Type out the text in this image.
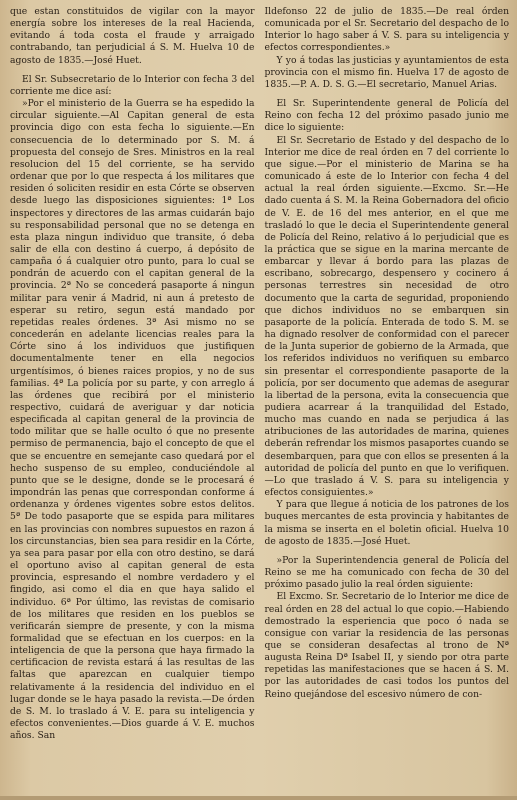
que estan constituidos de vigilar con la mayor energía sobre los intereses de la real Hacienda, evitando á toda costa el fraude y arraigado contrabando, tan perjudicial á S. M. Huelva 10 de agosto de 1835.—José Huet.

El Sr. Subsecretario de lo Interior con fecha 3 del corriente me dice así:

»Por el ministerio de la Guerra se ha espedido la circular siguiente.—Al Capitan general de esta provincia digo con esta fecha lo siguiente.—En consecuencia de lo determinado por S. M. á propuesta del consejo de Sres. Ministros en la real resolucion del 15 del corriente, se ha servido ordenar que por lo que respecta á los militares que residen ó soliciten residir en esta Córte se observen desde luego las disposiciones siguientes: 1ª Los inspectores y directores de las armas cuidarán bajo su responsabilidad personal que no se detenga en esta plaza ningun individuo que transite, ó deba salir de ella con destino á cuerpo, á depósito de campaña ó á cualquier otro punto, para lo cual se pondrán de acuerdo con el capitan general de la provincia. 2ª No se concederá pasaporte á ningun militar para venir á Madrid, ni aun á pretesto de esperar su retiro, segun está mandado por repetidas reales órdenes. 3ª Asi mismo no se concederán en adelante licencias reales para la Córte sino á los individuos que justifiquen documentalmente tener en ella negocios urgentísimos, ó bienes raices propios, y no de sus familias. 4ª La policía por su parte, y con arreglo á las órdenes que recibirá por el ministerio respectivo, cuidará de averiguar y dar noticia especificada al capitan general de la provincia de todo militar que se halle oculto ó que no presente permiso de permanencia, bajo el concepto de que el que se encuentre en semejante caso quedará por el hecho suspenso de su empleo, conduciéndole al punto que se le designe, donde se le procesará é impondrán las penas que correspondan conforme á ordenanza y órdenes vigentes sobre estos delitos. 5ª De todo pasaporte que se espida para militares en las provincias con nombres supuestos en razon á los circunstancias, bien sea para residir en la Córte, ya sea para pasar por ella con otro destino, se dará el oportuno aviso al capitan general de esta provincia, espresando el nombre verdadero y el fingido, asi como el dia en que haya salido el individuo. 6ª Por último, las revistas de comisario de los militares que residen en los pueblos se verificarán siempre de presente, y con la misma formalidad que se efectuan en los cuerpos: en la inteligencia de que la persona que haya firmado la certificacion de revista estará á las resultas de las faltas que aparezcan en cualquier tiempo relativamente á la residencia del individuo en el lugar donde se le haya pasado la revista.—De órden de S. M. lo traslado á V. E. para su inteligencia y efectos convenientes.—Dios guarde á V. E. muchos años. San

Ildefonso 22 de julio de 1835.—De real órden comunicada por el Sr. Secretario del despacho de lo Interior lo hago saber á V. S. para su inteligencia y efectos correspondientes.»

Y yo á todas las justicias y ayuntamientos de esta provincia con el mismo fin. Huelva 17 de agosto de 1835.—P. A. D. S. G.—El secretario, Manuel Arias.

El Sr. Superintendente general de Policía del Reino con fecha 12 del próximo pasado junio me dice lo siguiente:

El Sr. Secretario de Estado y del despacho de lo Interior me dice de real órden en 7 del corriente lo que sigue.—Por el ministerio de Marina se ha comunicado á este de lo Interior con fecha 4 del actual la real órden siguiente.—Excmo. Sr.—He dado cuenta á S. M. la Reina Gobernadora del oficio de V. E. de 16 del mes anterior, en el que me trasladó lo que le decia el Superintendente general de Policía del Reino, relativo á lo perjudicial que es la práctica que se sigue en la marina mercante de embarcar y llevar á bordo para las plazas de escribano, sobrecargo, despensero y cocinero á personas terrestres sin necesidad de otro documento que la carta de seguridad, proponiendo que dichos individuos no se embarquen sin pasaporte de la policía. Enterada de todo S. M. se ha dignado resolver de conformidad con el parecer de la Junta superior de gobierno de la Armada, que los referidos individuos no verifiquen su embarco sin presentar el correspondiente pasaporte de la policía, por ser documento que ademas de asegurar la libertad de la persona, evita la consecuencia que pudiera acarrear á la tranquilidad del Estado, mucho mas cuando en nada se perjudica á las atribuciones de las autoridades de marina, quienes deberán refrendar los mismos pasaportes cuando se desembarquen, para que con ellos se presenten á la autoridad de policía del punto en que lo verifiquen.—Lo que traslado á V. S. para su inteligencia y efectos consiguientes.»

Y para que llegue á noticia de los patrones de los buques mercantes de esta provincia y habitantes de la misma se inserta en el boletin oficial. Huelva 10 de agosto de 1835.—José Huet.

»Por la Superintendencia general de Policía del Reino se me ha comunicado con fecha de 30 del próximo pasado julio la real órden siguiente:

El Excmo. Sr. Secretario de lo Interior me dice de real órden en 28 del actual lo que copio.—Habiendo demostrado la esperiencia que poco ó nada se consigue con variar la residencia de las personas que se consideran desafectas al trono de Nª augusta Reina Dª Isabel II, y siendo por otra parte repetidas las manifestaciones que se hacen á S. M. por las autoridades de casi todos los puntos del Reino quejándose del escesivo número de con-
